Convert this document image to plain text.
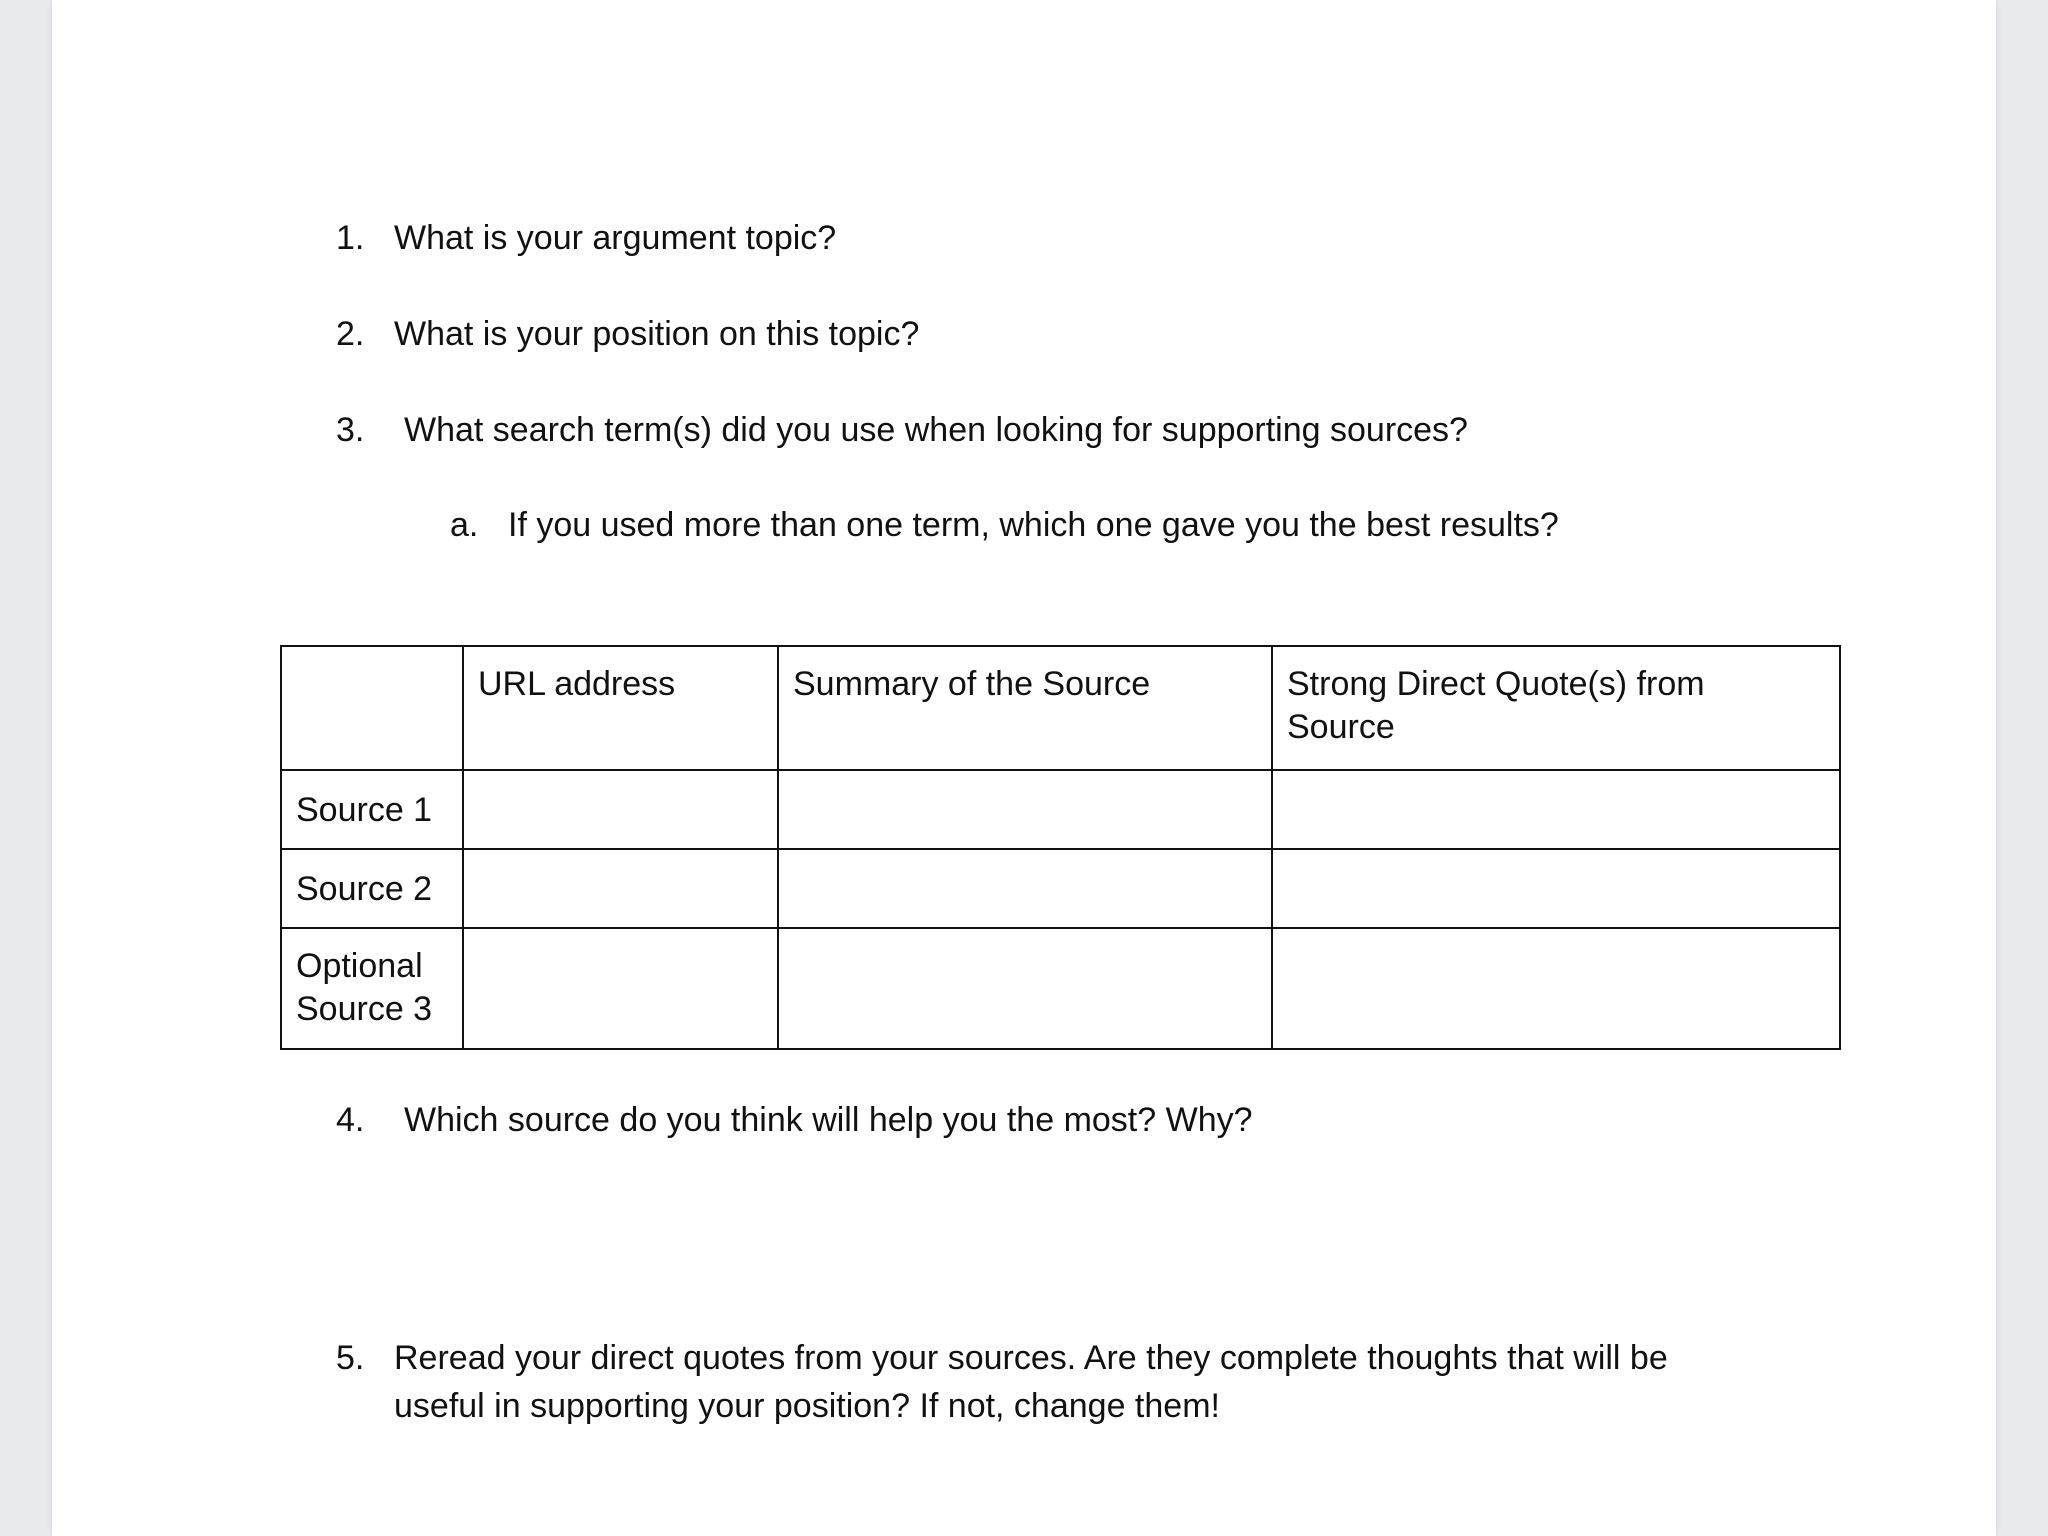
1. What is your argument topic?
2. What is your position on this topic?
3. What search term(s) did you use when looking for supporting sources?
a. If you used more than one term, which one gave you the best results?
	URL address	Summary of the Source	Strong Direct Quote(s) from
Source

Source 1			
Source 2			

Optional
Source 3			

4. Which source do you think will help you the most? Why?
5. Reread your direct quotes from your sources. Are they complete thoughts that will be
useful in supporting your position? If not, change them!
